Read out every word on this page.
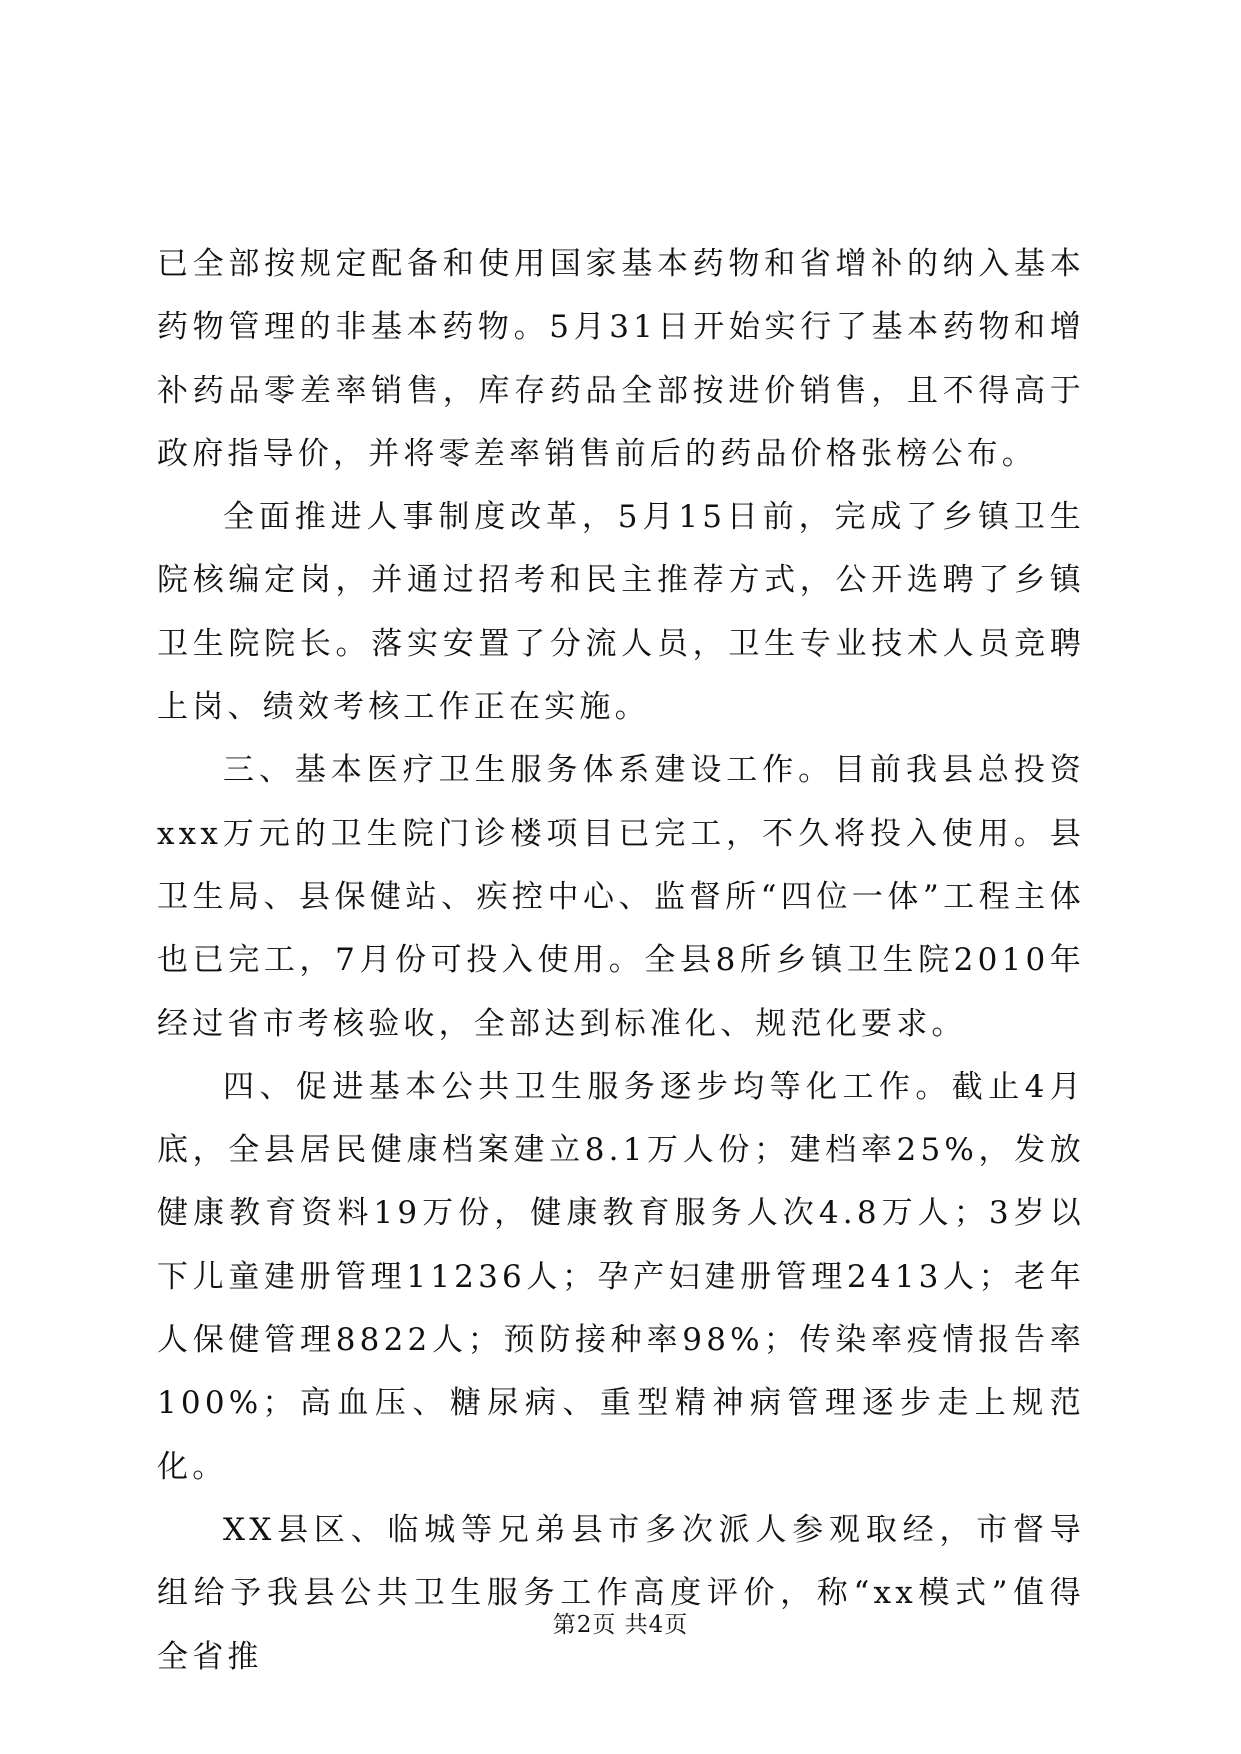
已全部按规定配备和使用国家基本药物和省增补的纳入基本药物管理的非基本药物。5月31日开始实行了基本药物和增补药品零差率销售，库存药品全部按进价销售，且不得高于政府指导价，并将零差率销售前后的药品价格张榜公布。

全面推进人事制度改革，5月15日前，完成了乡镇卫生院核编定岗，并通过招考和民主推荐方式，公开选聘了乡镇卫生院院长。落实安置了分流人员，卫生专业技术人员竞聘上岗、绩效考核工作正在实施。

三、基本医疗卫生服务体系建设工作。目前我县总投资xxx万元的卫生院门诊楼项目已完工，不久将投入使用。县卫生局、县保健站、疾控中心、监督所“四位一体”工程主体也已完工，7月份可投入使用。全县8所乡镇卫生院2010年经过省市考核验收，全部达到标准化、规范化要求。

四、促进基本公共卫生服务逐步均等化工作。截止4月底，全县居民健康档案建立8.1万人份；建档率25%，发放健康教育资料19万份，健康教育服务人次4.8万人；3岁以下儿童建册管理11236人；孕产妇建册管理2413人；老年人保健管理8822人；预防接种率98%；传染率疫情报告率100%；高血压、糖尿病、重型精神病管理逐步走上规范化。

XX县区、临城等兄弟县市多次派人参观取经，市督导组给予我县公共卫生服务工作高度评价，称“xx模式”值得全省推

第2页 共4页
